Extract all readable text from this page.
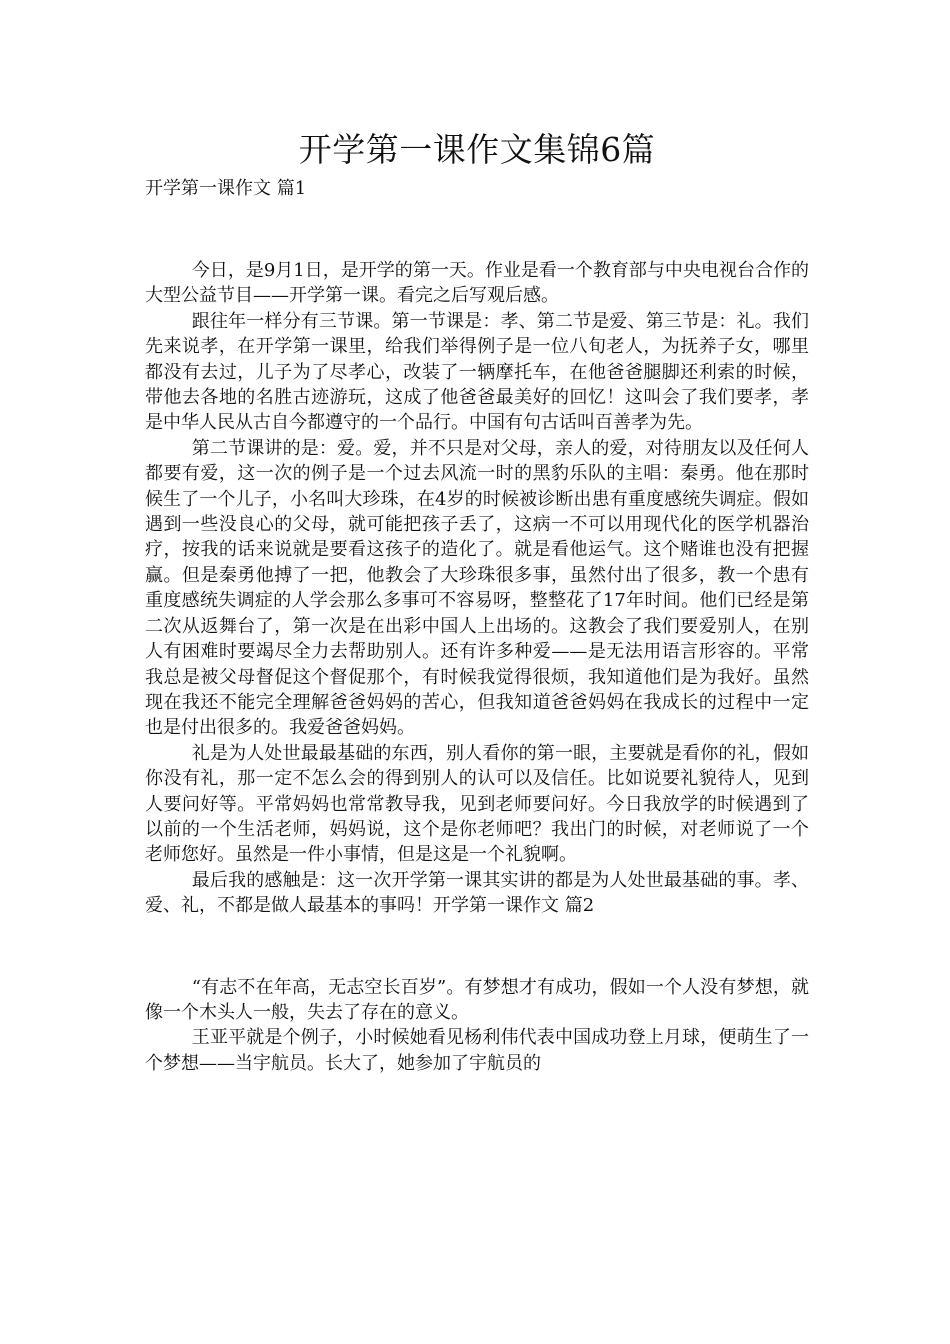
开学第一课作文集锦6篇

开学第一课作文 篇1

今日，是9月1日，是开学的第一天。作业是看一个教育部与中央电视台合作的大型公益节目——开学第一课。看完之后写观后感。

跟往年一样分有三节课。第一节课是：孝、第二节是爱、第三节是：礼。我们先来说孝，在开学第一课里，给我们举得例子是一位八旬老人，为抚养子女，哪里都没有去过，儿子为了尽孝心，改装了一辆摩托车，在他爸爸腿脚还利索的时候，带他去各地的名胜古迹游玩，这成了他爸爸最美好的回忆！这叫会了我们要孝，孝是中华人民从古自今都遵守的一个品行。中国有句古话叫百善孝为先。

第二节课讲的是：爱。爱，并不只是对父母，亲人的爱，对待朋友以及任何人都要有爱，这一次的例子是一个过去风流一时的黑豹乐队的主唱：秦勇。他在那时候生了一个儿子，小名叫大珍珠，在4岁的时候被诊断出患有重度感统失调症。假如遇到一些没良心的父母，就可能把孩子丢了，这病一不可以用现代化的医学机器治疗，按我的话来说就是要看这孩子的造化了。就是看他运气。这个赌谁也没有把握赢。但是秦勇他搏了一把，他教会了大珍珠很多事，虽然付出了很多，教一个患有重度感统失调症的人学会那么多事可不容易呀，整整花了17年时间。他们已经是第二次从返舞台了，第一次是在出彩中国人上出场的。这教会了我们要爱别人，在别人有困难时要竭尽全力去帮助别人。还有许多种爱——是无法用语言形容的。平常我总是被父母督促这个督促那个，有时候我觉得很烦，我知道他们是为我好。虽然现在我还不能完全理解爸爸妈妈的苦心，但我知道爸爸妈妈在我成长的过程中一定也是付出很多的。我爱爸爸妈妈。

礼是为人处世最最基础的东西，别人看你的第一眼，主要就是看你的礼，假如你没有礼，那一定不怎么会的得到别人的认可以及信任。比如说要礼貌待人，见到人要问好等。平常妈妈也常常教导我，见到老师要问好。今日我放学的时候遇到了以前的一个生活老师，妈妈说，这个是你老师吧？我出门的时候，对老师说了一个老师您好。虽然是一件小事情，但是这是一个礼貌啊。

最后我的感触是：这一次开学第一课其实讲的都是为人处世最基础的事。孝、爱、礼，不都是做人最基本的事吗！开学第一课作文 篇2

“有志不在年高，无志空长百岁”。有梦想才有成功，假如一个人没有梦想，就像一个木头人一般，失去了存在的意义。

王亚平就是个例子，小时候她看见杨利伟代表中国成功登上月球，便萌生了一个梦想——当宇航员。长大了，她参加了宇航员的
